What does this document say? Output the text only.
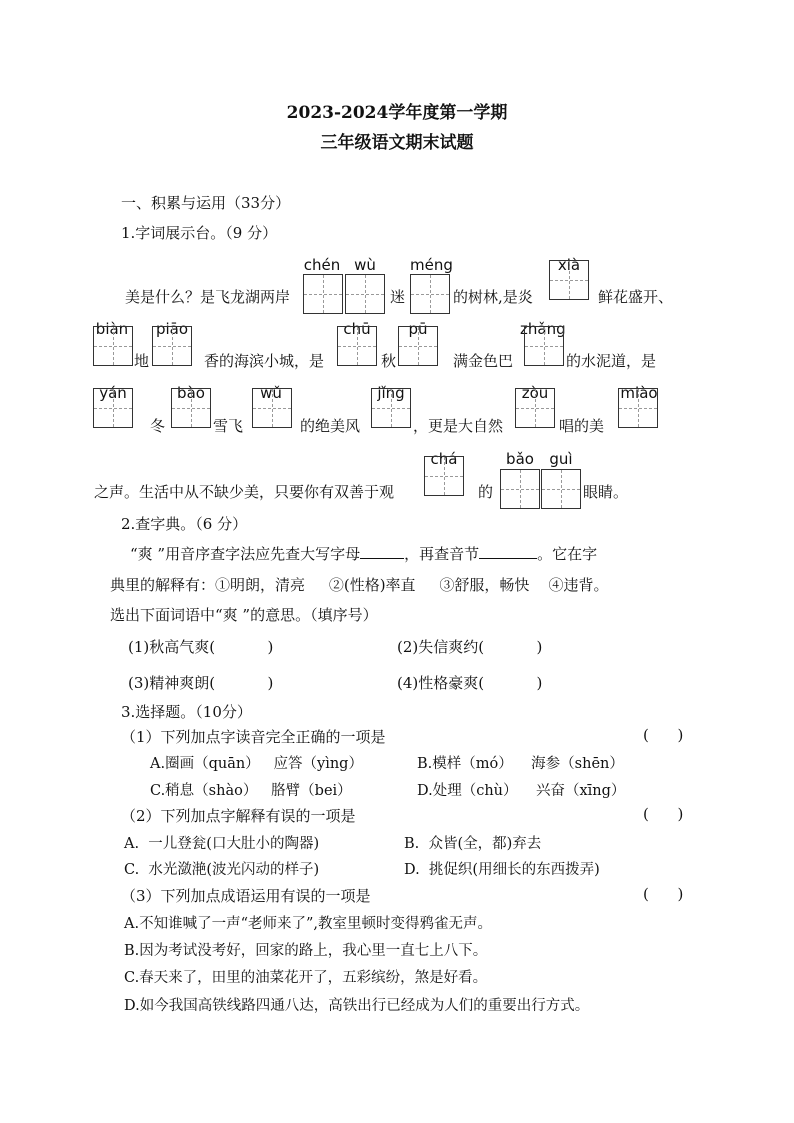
2023-2024学年度第一学期
三年级语文期末试题
一、积累与运用（33分）
1.字词展示台。（9 分）
chén wù	méng	xià
美是什么？是飞龙湖两岸	迷	的树林,是炎	鲜花盛开、
biàn piāo	chū	pū	zhǎng
地	香的海滨小城，是	秋	满金色巴	的水泥道，是
yán	bào	wǔ	jǐng	zòu	miào
冬	雪飞	的绝美风	，更是大自然	唱的美
chá	bǎo	guì
之声。生活中从不缺少美，只要你有双善于观	的	眼睛。
2.查字典。（6 分）
“爽 ”用音序查字法应先查大写字母	，再查音节	。它在字
典里的解释有：①明朗，清亮     ②(性格)率直     ③舒服，畅快    ④违背。
选出下面词语中“爽 ”的意思。（填序号）
(1)秋高气爽(           )	(2)失信爽约(           )
(3)精神爽朗(           )	(4)性格豪爽(           )
3.选择题。（10分）
（1）下列加点字读音完全正确的一项是	(      )
A.圈画（quān）   应答（yìng）	B.模样（mó）    海参（shēn）
C.稍息（shào）   胳臂（bei）	D.处理（chù）    兴奋（xīng）
（2）下列加点字解释有误的一项是	(      )
A.  一儿登瓮(口大肚小的陶器)	B.  众皆(全，都)弃去
C.  水光潋滟(波光闪动的样子)	D.  挑促织(用细长的东西拨弄)
（3）下列加点成语运用有误的一项是	(      )
A.不知谁喊了一声“老师来了”,教室里顿时变得鸦雀无声。
B.因为考试没考好，回家的路上，我心里一直七上八下。
C.春天来了，田里的油菜花开了，五彩缤纷，煞是好看。
D.如今我国高铁线路四通八达，高铁出行已经成为人们的重要出行方式。
